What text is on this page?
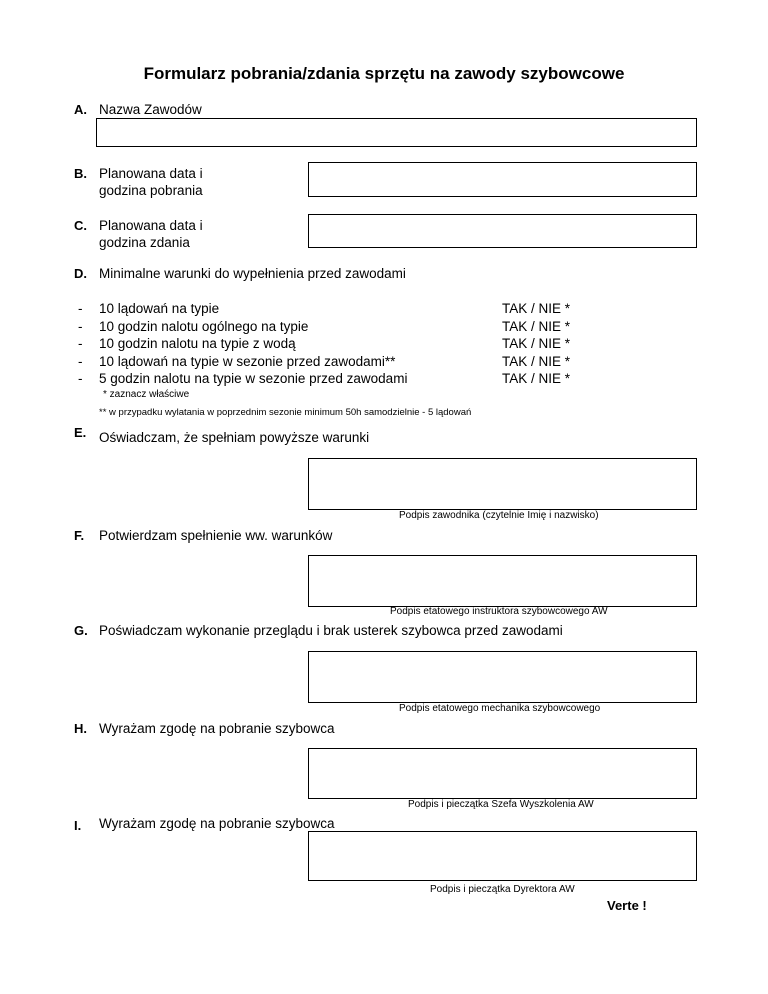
Formularz pobrania/zdania sprzętu na zawody szybowcowe
A. Nazwa Zawodów
B. Planowana data i
godzina pobrania
C. Planowana data i
godzina zdania
D. Minimalne warunki do wypełnienia przed zawodami
- 10 lądowań na typie	TAK / NIE *
- 10 godzin nalotu ogólnego na typie	TAK / NIE *
- 10 godzin nalotu na typie z wodą	TAK / NIE *
- 10 lądowań na typie w sezonie przed zawodami**	TAK / NIE *
- 5 godzin nalotu na typie w sezonie przed zawodami	TAK / NIE *
* zaznacz właściwe
** w przypadku wylatania w poprzednim sezonie minimum 50h samodzielnie - 5 lądowań
E. Oświadczam, że spełniam powyższe warunki
Podpis zawodnika (czytelnie Imię i nazwisko)
F. Potwierdzam spełnienie ww. warunków
Podpis etatowego instruktora szybowcowego AW
G. Poświadczam wykonanie przeglądu i brak usterek szybowca przed zawodami
Podpis etatowego mechanika szybowcowego
H. Wyrażam zgodę na pobranie szybowca
Podpis i pieczątka Szefa Wyszkolenia AW
I. Wyrażam zgodę na pobranie szybowca
Podpis i pieczątka Dyrektora AW
Verte !
